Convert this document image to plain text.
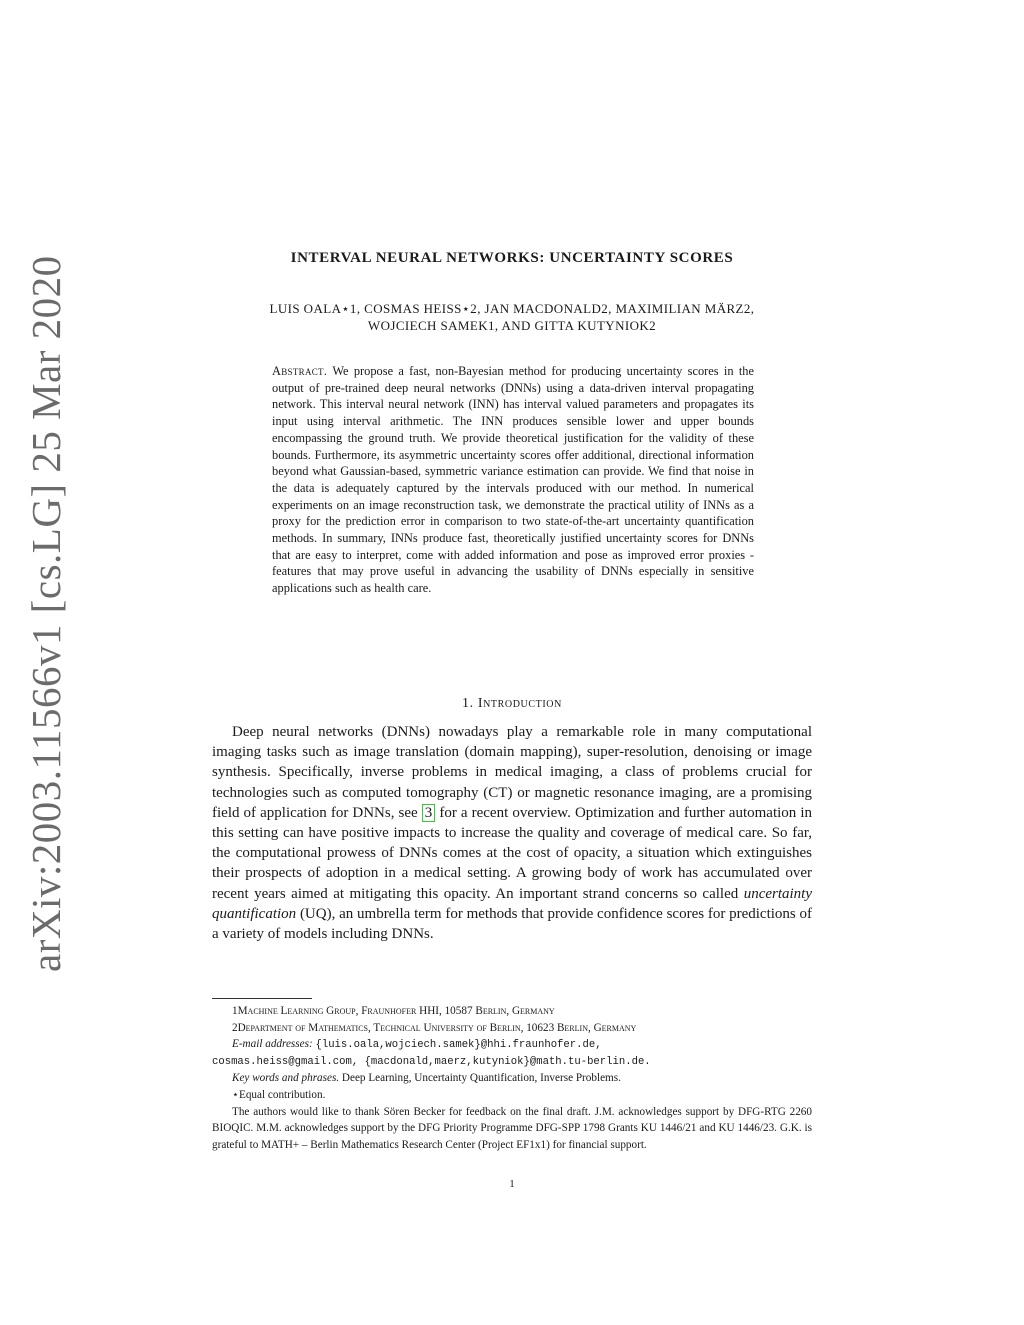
arXiv:2003.11566v1 [cs.LG] 25 Mar 2020	INTERVAL NEURAL NETWORKS: UNCERTAINTY SCORES
LUIS OALA⋆1, COSMAS HEISS⋆2, JAN MACDONALD2, MAXIMILIAN MÄRZ2,
WOJCIECH SAMEK1, AND GITTA KUTYNIOK2
Abstract. We propose a fast, non-Bayesian method for producing uncertainty scores in the output of pre-trained deep neural networks (DNNs) using a data-driven interval propagating network. This interval neural network (INN) has interval valued parameters and propagates its input using interval arithmetic. The INN produces sensible lower and upper bounds encompassing the ground truth. We provide theoretical justification for the validity of these bounds. Furthermore, its asymmetric uncertainty scores offer additional, directional information beyond what Gaussian-based, symmetric variance estimation can provide. We find that noise in the data is adequately captured by the intervals produced with our method. In numerical experiments on an image reconstruction task, we demonstrate the practical utility of INNs as a proxy for the prediction error in comparison to two state-of-the-art uncertainty quantification methods. In summary, INNs produce fast, theoretically justified uncertainty scores for DNNs that are easy to interpret, come with added information and pose as improved error proxies - features that may prove useful in advancing the usability of DNNs especially in sensitive applications such as health care.
1. Introduction

Deep neural networks (DNNs) nowadays play a remarkable role in many computational imaging tasks such as image translation (domain mapping), super-resolution, denoising or image synthesis. Specifically, inverse problems in medical imaging, a class of problems crucial for technologies such as computed tomography (CT) or magnetic resonance imaging, are a promising field of application for DNNs, see 3 for a recent overview. Optimization and further automation in this setting can have positive impacts to increase the quality and coverage of medical care. So far, the computational prowess of DNNs comes at the cost of opacity, a situation which extinguishes their prospects of adoption in a medical setting. A growing body of work has accumulated over recent years aimed at mitigating this opacity. An important strand concerns so called uncertainty quantification (UQ), an umbrella term for methods that provide confidence scores for predictions of a variety of models including DNNs.

1Machine Learning Group, Fraunhofer HHI, 10587 Berlin, Germany
2Department of Mathematics, Technical University of Berlin, 10623 Berlin, Germany
E-mail addresses: {luis.oala,wojciech.samek}@hhi.fraunhofer.de,
cosmas.heiss@gmail.com, {macdonald,maerz,kutyniok}@math.tu-berlin.de.
Key words and phrases. Deep Learning, Uncertainty Quantification, Inverse Problems.
⋆Equal contribution.
The authors would like to thank Sören Becker for feedback on the final draft. J.M. acknowledges support by DFG-RTG 2260 BIOQIC. M.M. acknowledges support by the DFG Priority Programme DFG-SPP 1798 Grants KU 1446/21 and KU 1446/23. G.K. is grateful to MATH+ – Berlin Mathematics Research Center (Project EF1x1) for financial support.
1
